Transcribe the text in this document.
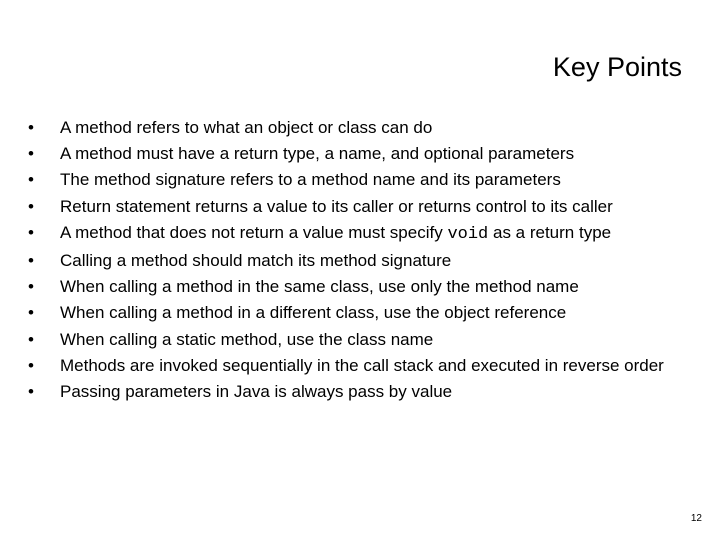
Key Points
• A method refers to what an object or class can do
• A method must have a return type, a name, and optional parameters
• The method signature refers to a method name and its parameters
• Return statement returns a value to its caller or returns control to its caller
• A method that does not return a value must specify void as a return type
• Calling a method should match its method signature
• When calling a method in the same class, use only the method name
• When calling a method in a different class, use the object reference
• When calling a static method, use the class name
• Methods are invoked sequentially in the call stack and executed in reverse order
• Passing parameters in Java is always pass by value
12
